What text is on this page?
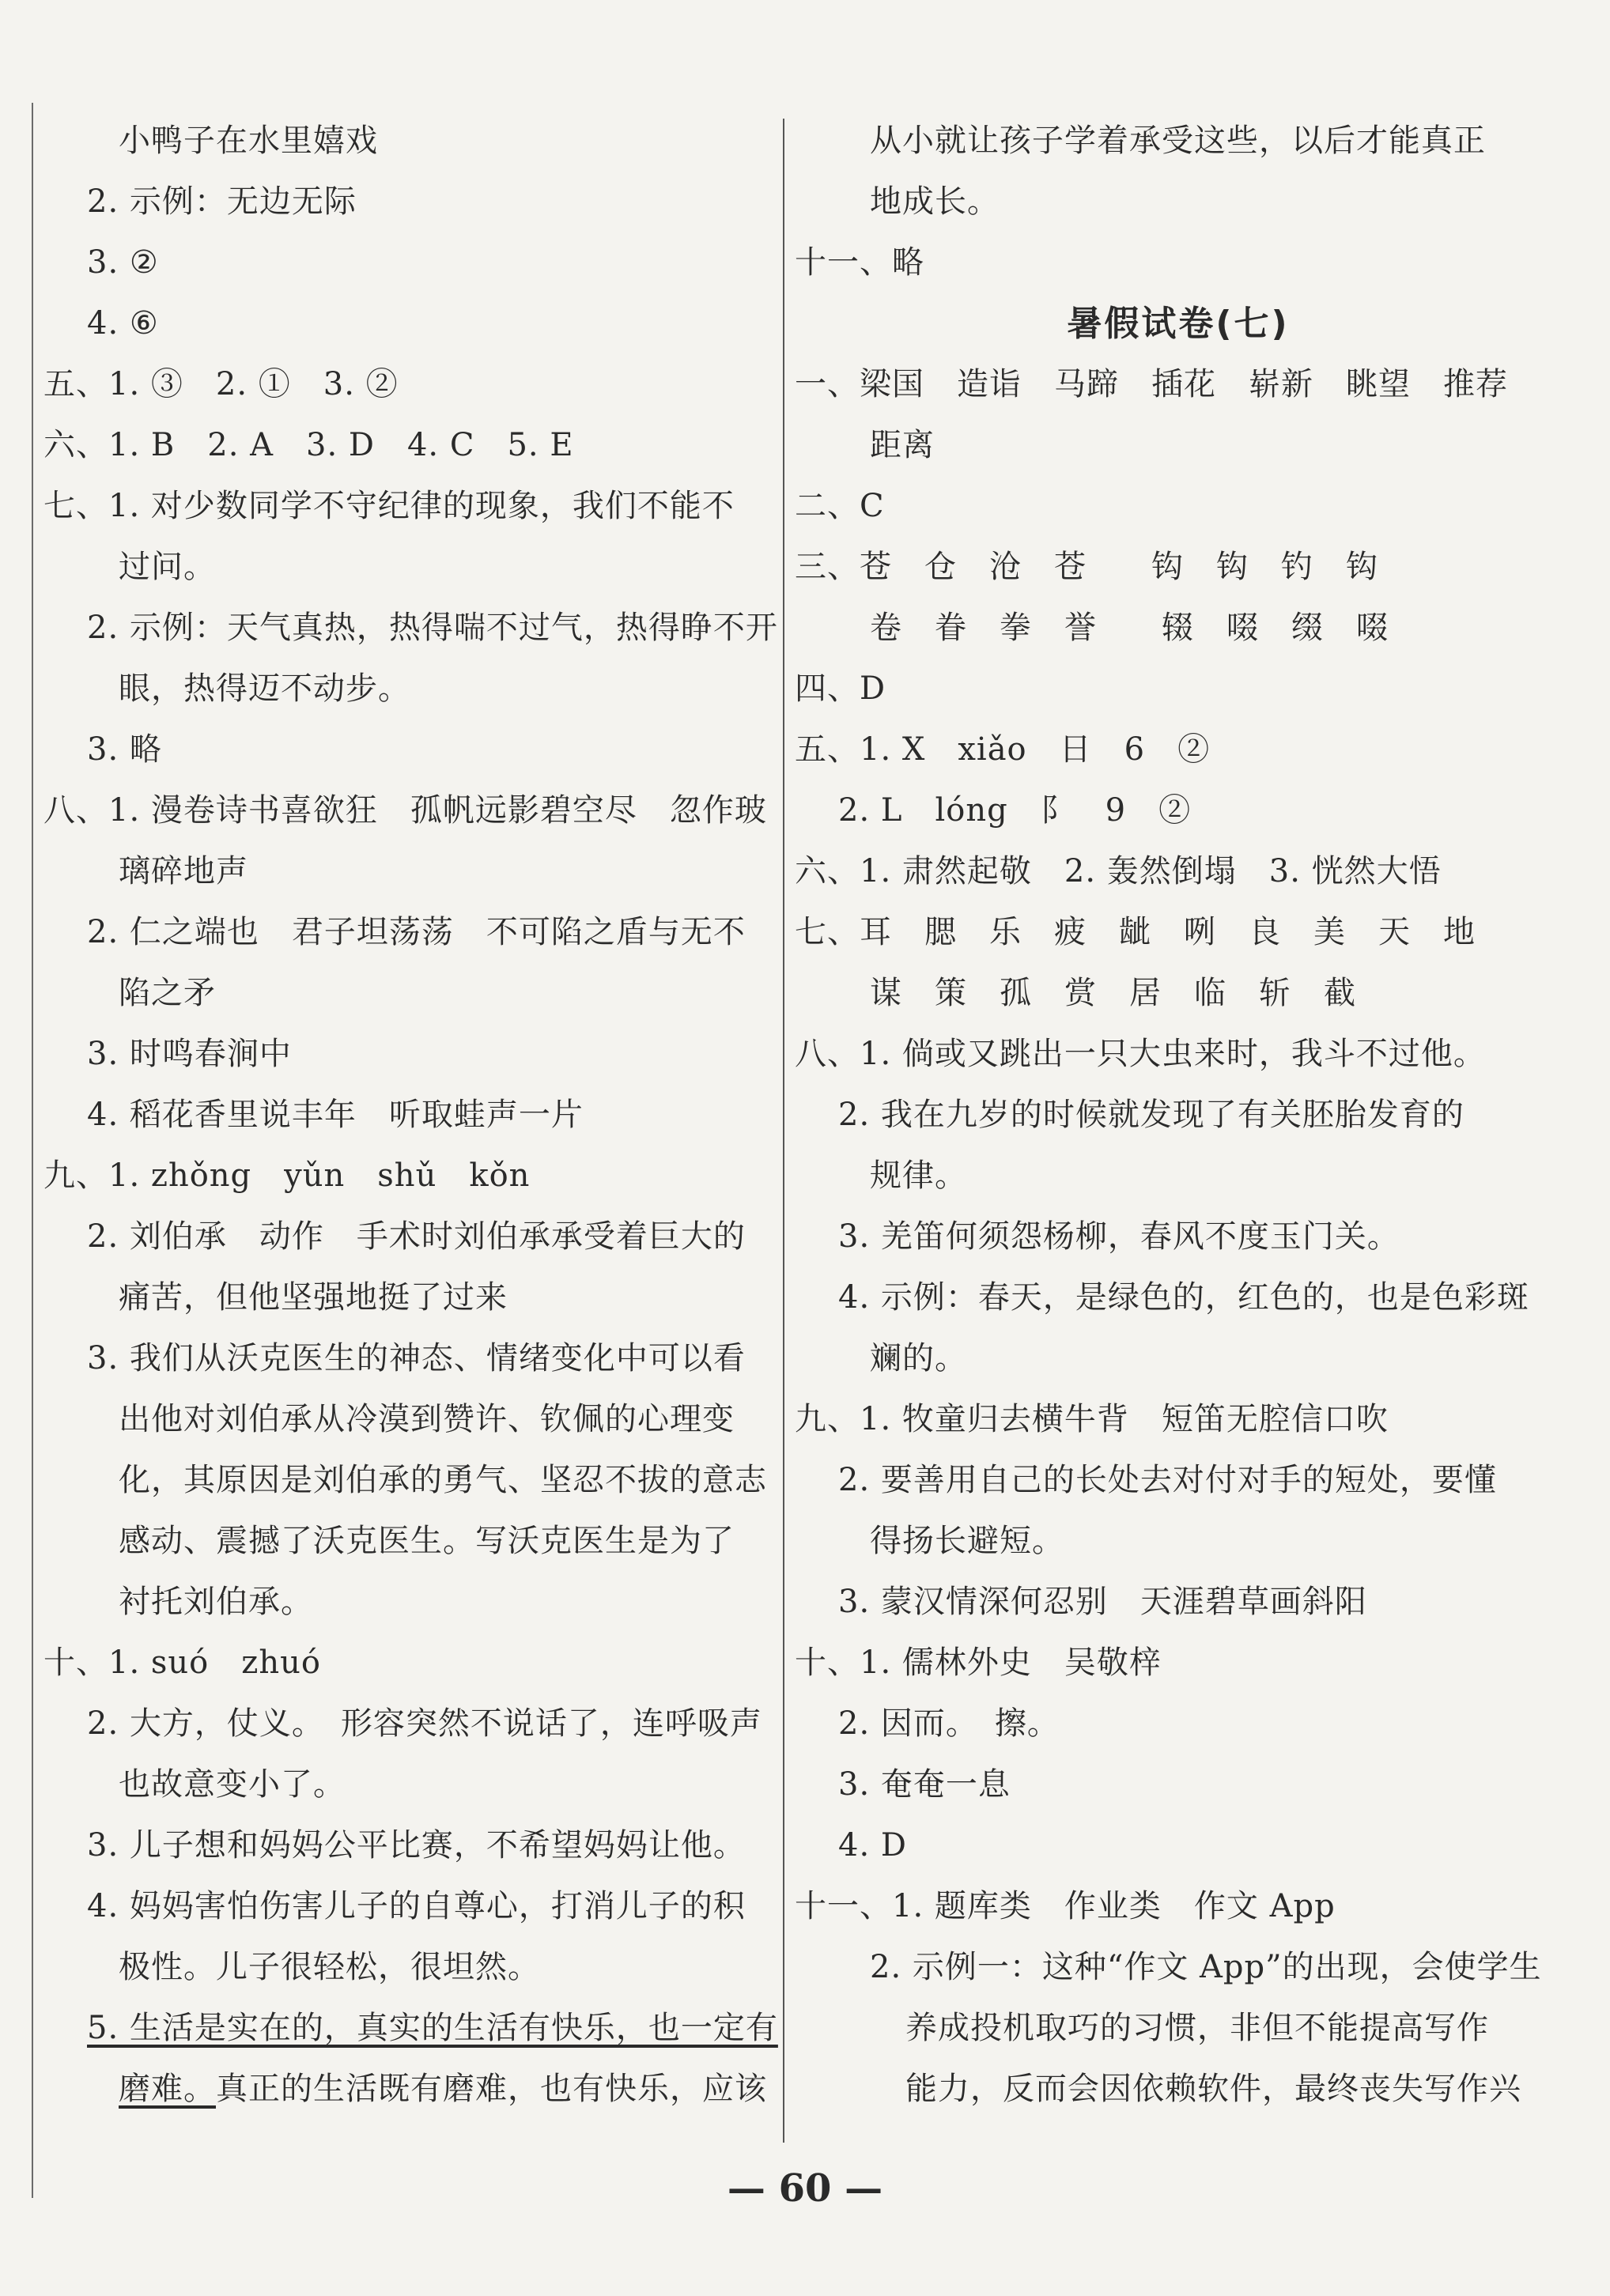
小鸭子在水里嬉戏
2. 示例：无边无际
3. ②
4. ⑥
五、1. ③　2. ①　3. ②
六、1. B　2. A　3. D　4. C　5. E
七、1. 对少数同学不守纪律的现象，我们不能不
过问。
2. 示例：天气真热，热得喘不过气，热得睁不开
眼，热得迈不动步。
3. 略
八、1. 漫卷诗书喜欲狂　孤帆远影碧空尽　忽作玻
璃碎地声
2. 仁之端也　君子坦荡荡　不可陷之盾与无不
陷之矛
3. 时鸣春涧中
4. 稻花香里说丰年　听取蛙声一片
九、1. zhǒng　yǔn　shǔ　kǒn
2. 刘伯承　动作　手术时刘伯承承受着巨大的
痛苦，但他坚强地挺了过来
3. 我们从沃克医生的神态、情绪变化中可以看
出他对刘伯承从冷漠到赞许、钦佩的心理变
化，其原因是刘伯承的勇气、坚忍不拔的意志
感动、震撼了沃克医生。写沃克医生是为了
衬托刘伯承。
十、1. suó　zhuó
2. 大方，仗义。　形容突然不说话了，连呼吸声
也故意变小了。
3. 儿子想和妈妈公平比赛，不希望妈妈让他。
4. 妈妈害怕伤害儿子的自尊心，打消儿子的积
极性。儿子很轻松，很坦然。
5. 生活是实在的，真实的生活有快乐，也一定有
磨难。真正的生活既有磨难，也有快乐，应该
从小就让孩子学着承受这些，以后才能真正
地成长。
十一、略
暑假试卷(七)
一、梁国　造诣　马蹄　插花　崭新　眺望　推荐
距离
二、C
三、苍　仓　沧　苍　　钩　钩　钓　钩
卷　眷　拳　誉　　辍　啜　缀　啜
四、D
五、1. X　xiǎo　日　6　②
2. L　lóng　阝　9　②
六、1. 肃然起敬　2. 轰然倒塌　3. 恍然大悟
七、耳　腮　乐　疲　龇　咧　良　美　天　地
谋　策　孤　赏　居　临　斩　截
八、1. 倘或又跳出一只大虫来时，我斗不过他。
2. 我在九岁的时候就发现了有关胚胎发育的
规律。
3. 羌笛何须怨杨柳，春风不度玉门关。
4. 示例：春天，是绿色的，红色的，也是色彩斑
斓的。
九、1. 牧童归去横牛背　短笛无腔信口吹
2. 要善用自己的长处去对付对手的短处，要懂
得扬长避短。
3. 蒙汉情深何忍别　天涯碧草画斜阳
十、1. 儒林外史　吴敬梓
2. 因而。　擦。
3. 奄奄一息
4. D
十一、1. 题库类　作业类　作文 App
2. 示例一：这种“作文 App”的出现，会使学生
养成投机取巧的习惯，非但不能提高写作
能力，反而会因依赖软件，最终丧失写作兴
— 60 —
